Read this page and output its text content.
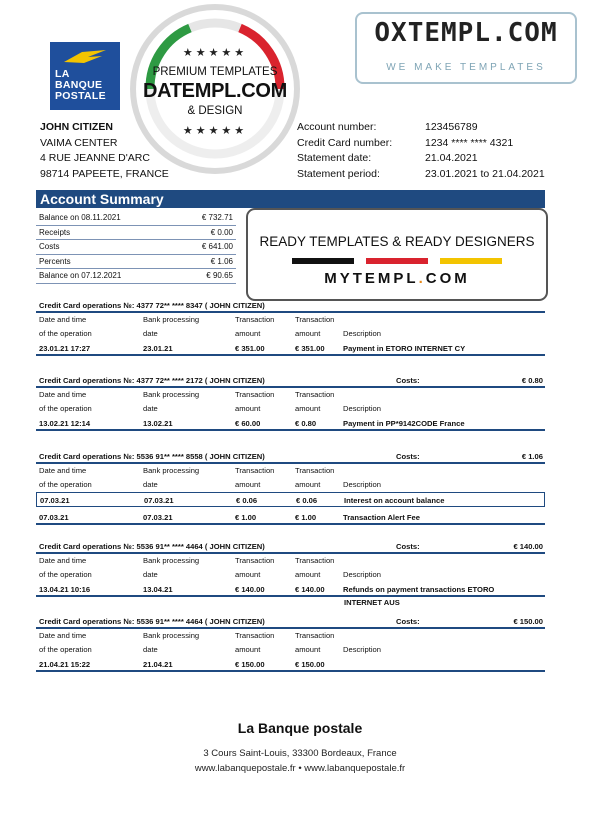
LA
BANQUE
POSTALE
★★★★★
PREMIUM TEMPLATES
DATEMPL.COM
& DESIGN
★★★★★
OXTEMPL.COM
WE MAKE TEMPLATES
JOHN CITIZEN
VAIMA CENTER
4 RUE JEANNE D'ARC
98714 PAPEETE, FRANCE
Account number:	123456789
Credit Card number:	1234 **** **** 4321
Statement date:	21.04.2021
Statement period:	23.01.2021 to 21.04.2021
Account Summary
Balance on 08.11.2021	€ 732.71
Receipts	€ 0.00
Costs	€ 641.00
Percents	€ 1.06
Balance on 07.12.2021	€ 90.65
Credit Card operations №: 4377 72** **** 8347 ( JOHN CITIZEN)
Date and time	Bank processing	Transaction	Transaction
of the operation	date	amount	amount	Description
23.01.21 17:27	23.01.21	€ 351.00	€ 351.00	Payment in ETORO INTERNET CY
Credit Card operations №: 4377 72** **** 2172 ( JOHN CITIZEN)	Costs:	€ 0.80
Date and time	Bank processing	Transaction	Transaction
of the operation	date	amount	amount	Description
13.02.21 12:14	13.02.21	€ 60.00	€ 0.80	Payment in PP*9142CODE France
Credit Card operations №: 5536 91** **** 8558 ( JOHN CITIZEN)	Costs:	€ 1.06
Date and time	Bank processing	Transaction	Transaction
of the operation	date	amount	amount	Description
07.03.21	07.03.21	€ 0.06	€ 0.06	Interest on account balance
07.03.21	07.03.21	€ 1.00	€ 1.00	Transaction Alert Fee
Credit Card operations №: 5536 91** **** 4464 ( JOHN CITIZEN)	Costs:	€ 140.00
Date and time	Bank processing	Transaction	Transaction
of the operation	date	amount	amount	Description
13.04.21 10:16	13.04.21	€ 140.00	€ 140.00	Refunds on payment transactions ETORO
INTERNET AUS
Credit Card operations №: 5536 91** **** 4464 ( JOHN CITIZEN)	Costs:	€ 150.00
Date and time	Bank processing	Transaction	Transaction
of the operation	date	amount	amount	Description
21.04.21 15:22	21.04.21	€ 150.00	€ 150.00
READY TEMPLATES & READY DESIGNERS
MYTEMPL.COM
La Banque postale
3 Cours Saint-Louis, 33300 Bordeaux, France
www.labanquepostale.fr • www.labanquepostale.fr
